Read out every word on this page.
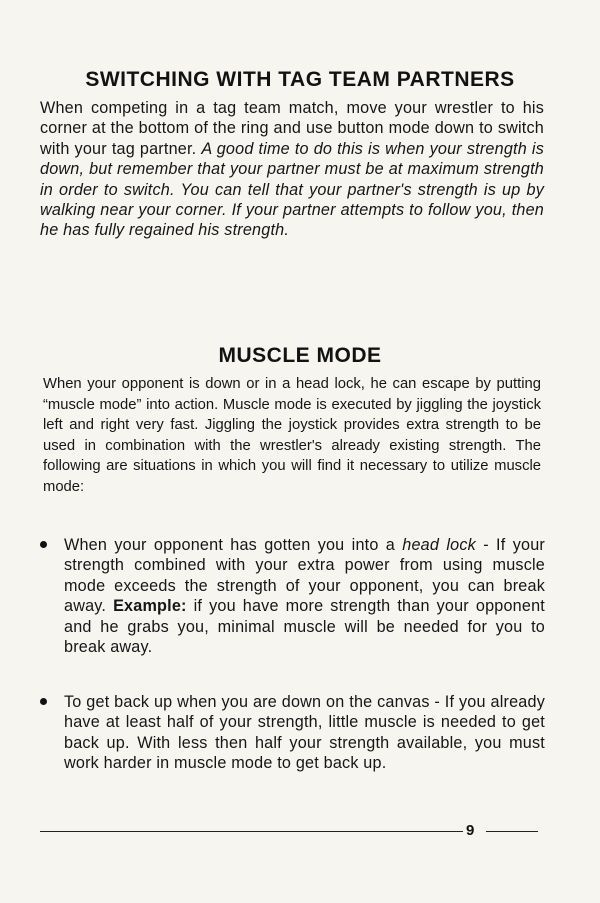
SWITCHING WITH TAG TEAM PARTNERS

When competing in a tag team match, move your wrestler to his corner at the bottom of the ring and use button mode down to switch with your tag partner. A good time to do this is when your strength is down, but remember that your partner must be at maximum strength in order to switch. You can tell that your partner's strength is up by walking near your corner. If your partner attempts to follow you, then he has fully regained his strength.

MUSCLE MODE

When your opponent is down or in a head lock, he can escape by putting “muscle mode” into action. Muscle mode is executed by jiggling the joystick left and right very fast. Jiggling the joystick provides extra strength to be used in combination with the wrestler's already existing strength. The following are situations in which you will find it necessary to utilize muscle mode:

When your opponent has gotten you into a head lock - If your strength combined with your extra power from using muscle mode exceeds the strength of your opponent, you can break away. Example: if you have more strength than your opponent and he grabs you, minimal muscle will be needed for you to break away.
To get back up when you are down on the canvas - If you already have at least half of your strength, little muscle is needed to get back up. With less then half your strength available, you must work harder in muscle mode to get back up.
9
